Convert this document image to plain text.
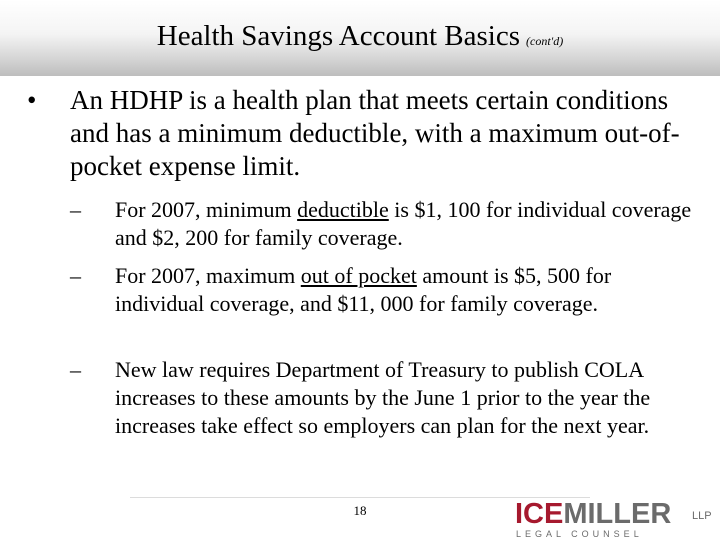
Health Savings Account Basics (cont'd)
• An HDHP is a health plan that meets certain conditions and has a minimum deductible, with a maximum out-of-pocket expense limit.
–	For 2007, minimum deductible is $1, 100 for individual coverage and $2, 200 for family coverage.
–	For 2007, maximum out of pocket amount is $5, 500 for individual coverage, and $11, 000 for family coverage.
–	New law requires Department of Treasury to publish COLA increases to these amounts by the June 1 prior to the year the increases take effect so employers can plan for the next year.
18	ICEMILLER LLP
LEGAL COUNSEL
